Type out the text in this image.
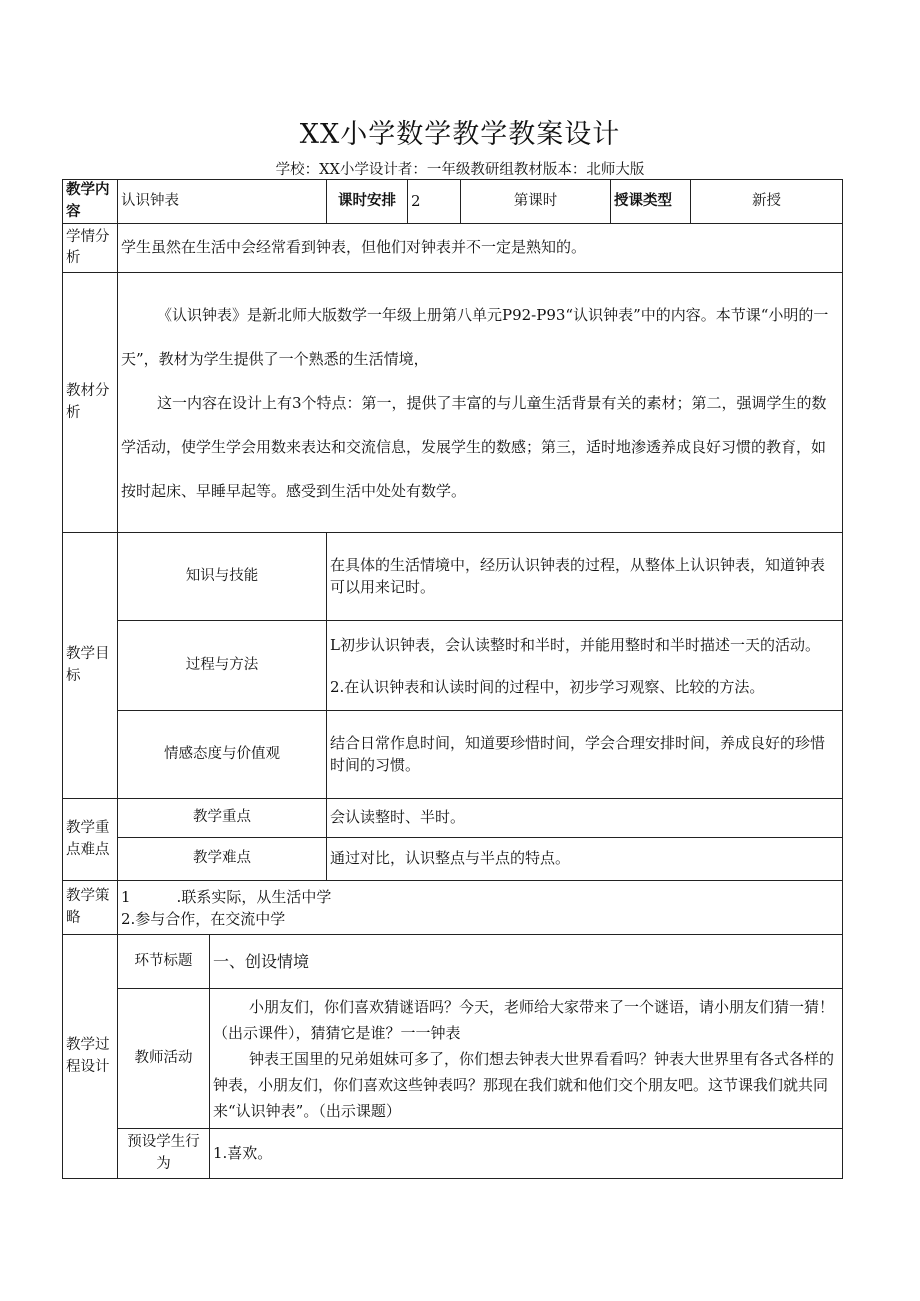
XX小学数学教学教案设计
学校：XX小学设计者：一年级教研组教材版本：北师大版
教学内容	认识钟表		课时安排	2	第课时	授课类型	新授
学情分析	学生虽然在生活中会经常看到钟表，但他们对钟表并不一定是熟知的。						
教材分析	《认识钟表》是新北师大版数学一年级上册第八单元P92-P93“认识钟表”中的内容。本节课“小明的一天”，教材为学生提供了一个熟悉的生活情境，

这一内容在设计上有3个特点：第一，提供了丰富的与儿童生活背景有关的素材；第二，强调学生的数学活动，使学生学会用数来表达和交流信息，发展学生的数感；第三，适时地渗透养成良好习惯的教育，如按时起床、早睡早起等。感受到生活中处处有数学。						

教学目标	知识与技能		在具体的生活情境中，经历认识钟表的过程，从整体上认识钟表，知道钟表可以用来记时。				
	过程与方法		L初步认识钟表，会认读整时和半时，并能用整时和半时描述一天的活动。

2.在认识钟表和认读时间的过程中，初步学习观察、比较的方法。				

	情感态度与价值观		结合日常作息时间，知道要珍惜时间，学会合理安排时间，养成良好的珍惜时间的习惯。				
教学重点难点	教学重点		会认读整时、半时。				
	教学难点		通过对比，认识整点与半点的特点。				
教学策略	1 .联系实际，从生活中学

2.参与合作，在交流中学						

教学过程设计	环节标题	一、创设情境					
	教师活动	小朋友们，你们喜欢猜谜语吗？今天，老师给大家带来了一个谜语，请小朋友们猜一猜！（出示课件），猜猜它是谁？一一钟表

钟表王国里的兄弟姐妹可多了，你们想去钟表大世界看看吗？钟表大世界里有各式各样的钟表，小朋友们，你们喜欢这些钟表吗？那现在我们就和他们交个朋友吧。这节课我们就共同来“认识钟表”。（出示课题）					

	预设学生行为	1.喜欢。					
